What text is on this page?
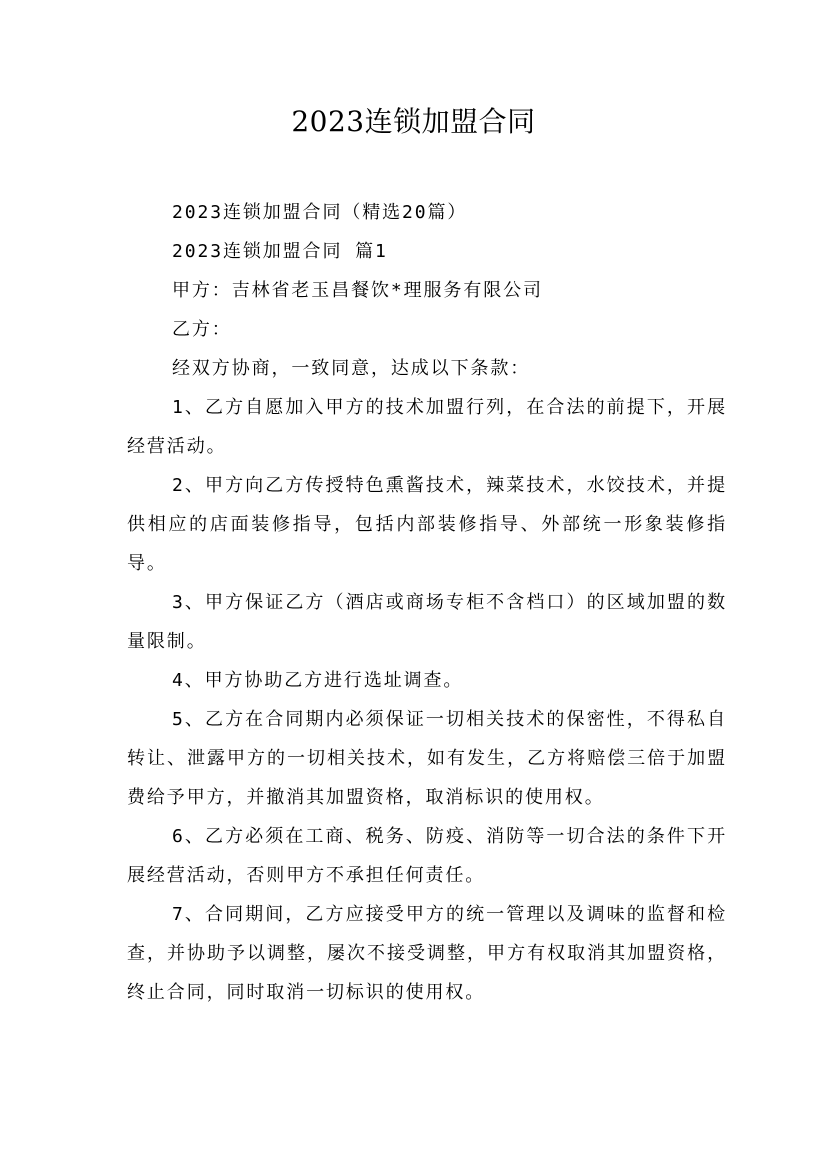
2023连锁加盟合同

2023连锁加盟合同（精选20篇）

2023连锁加盟合同 篇1

甲方：吉林省老玉昌餐饮*理服务有限公司

乙方：

经双方协商，一致同意，达成以下条款：

1、乙方自愿加入甲方的技术加盟行列，在合法的前提下，开展经营活动。

2、甲方向乙方传授特色熏酱技术，辣菜技术，水饺技术，并提供相应的店面装修指导，包括内部装修指导、外部统一形象装修指导。

3、甲方保证乙方（酒店或商场专柜不含档口）的区域加盟的数量限制。

4、甲方协助乙方进行选址调查。

5、乙方在合同期内必须保证一切相关技术的保密性，不得私自转让、泄露甲方的一切相关技术，如有发生，乙方将赔偿三倍于加盟费给予甲方，并撤消其加盟资格，取消标识的使用权。

6、乙方必须在工商、税务、防疫、消防等一切合法的条件下开展经营活动，否则甲方不承担任何责任。

7、合同期间，乙方应接受甲方的统一管理以及调味的监督和检查，并协助予以调整，屡次不接受调整，甲方有权取消其加盟资格，终止合同，同时取消一切标识的使用权。
